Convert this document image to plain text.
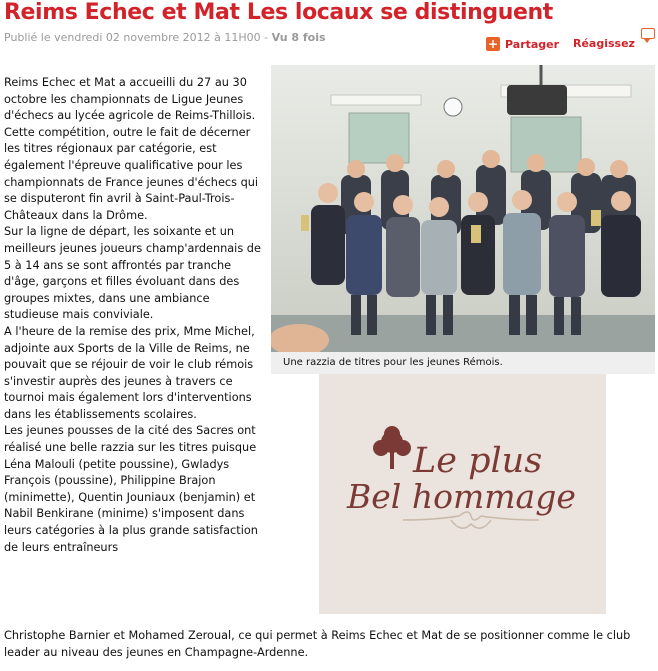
Reims Echec et Mat Les locaux se distinguent
Publié le vendredi 02 novembre 2012 à 11H00 - Vu 8 fois	+ Partager Réagissez

Reims Echec et Mat a accueilli du 27 au 30 octobre les championnats de Ligue Jeunes d'échecs au lycée agricole de Reims-Thillois.

Cette compétition, outre le fait de décerner les titres régionaux par catégorie, est également l'épreuve qualificative pour les championnats de France jeunes d'échecs qui se disputeront fin avril à Saint-Paul-Trois-Châteaux dans la Drôme.

Sur la ligne de départ, les soixante et un meilleurs jeunes joueurs champ'ardennais de 5 à 14 ans se sont affrontés par tranche d'âge, garçons et filles évoluant dans des groupes mixtes, dans une ambiance studieuse mais conviviale.

A l'heure de la remise des prix, Mme Michel, adjointe aux Sports de la Ville de Reims, ne pouvait que se réjouir de voir le club rémois s'investir auprès des jeunes à travers ce tournoi mais également lors d'interventions dans les établissements scolaires.

Les jeunes pousses de la cité des Sacres ont réalisé une belle razzia sur les titres puisque Léna Malouli (petite poussine), Gwladys François (poussine), Philippine Brajon (minimette), Quentin Jouniaux (benjamin) et Nabil Benkirane (minime) s'imposent dans leurs catégories à la plus grande satisfaction de leurs entraîneurs

Christophe Barnier et Mohamed Zeroual, ce qui permet à Reims Echec et Mat de se positionner comme le club leader au niveau des jeunes en Champagne-Ardenne.

Une razzia de titres pour les jeunes Rémois.
Le plus
Bel hommage
